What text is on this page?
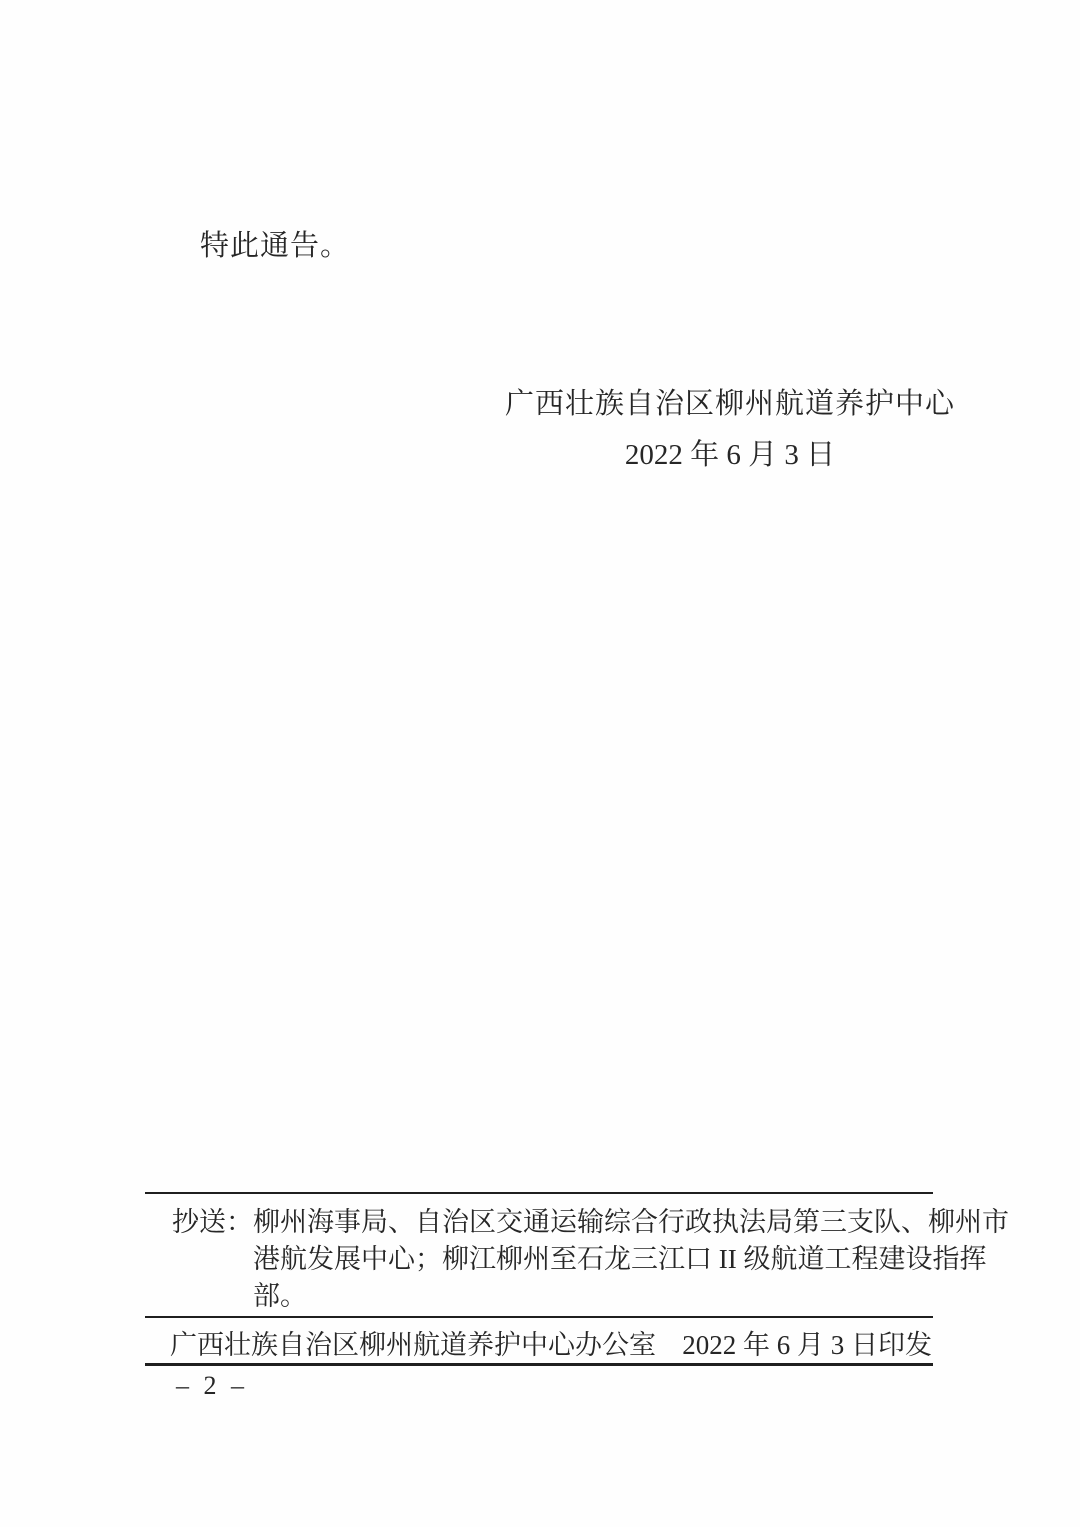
特此通告。

广西壮族自治区柳州航道养护中心
2022 年 6 月 3 日
抄送： 柳州海事局、自治区交通运输综合行政执法局第三支队、柳州市
港航发展中心；柳江柳州至石龙三江口 II 级航道工程建设指挥
部。
广西壮族自治区柳州航道养护中心办公室 2022 年 6 月 3 日印发
– 2 –
